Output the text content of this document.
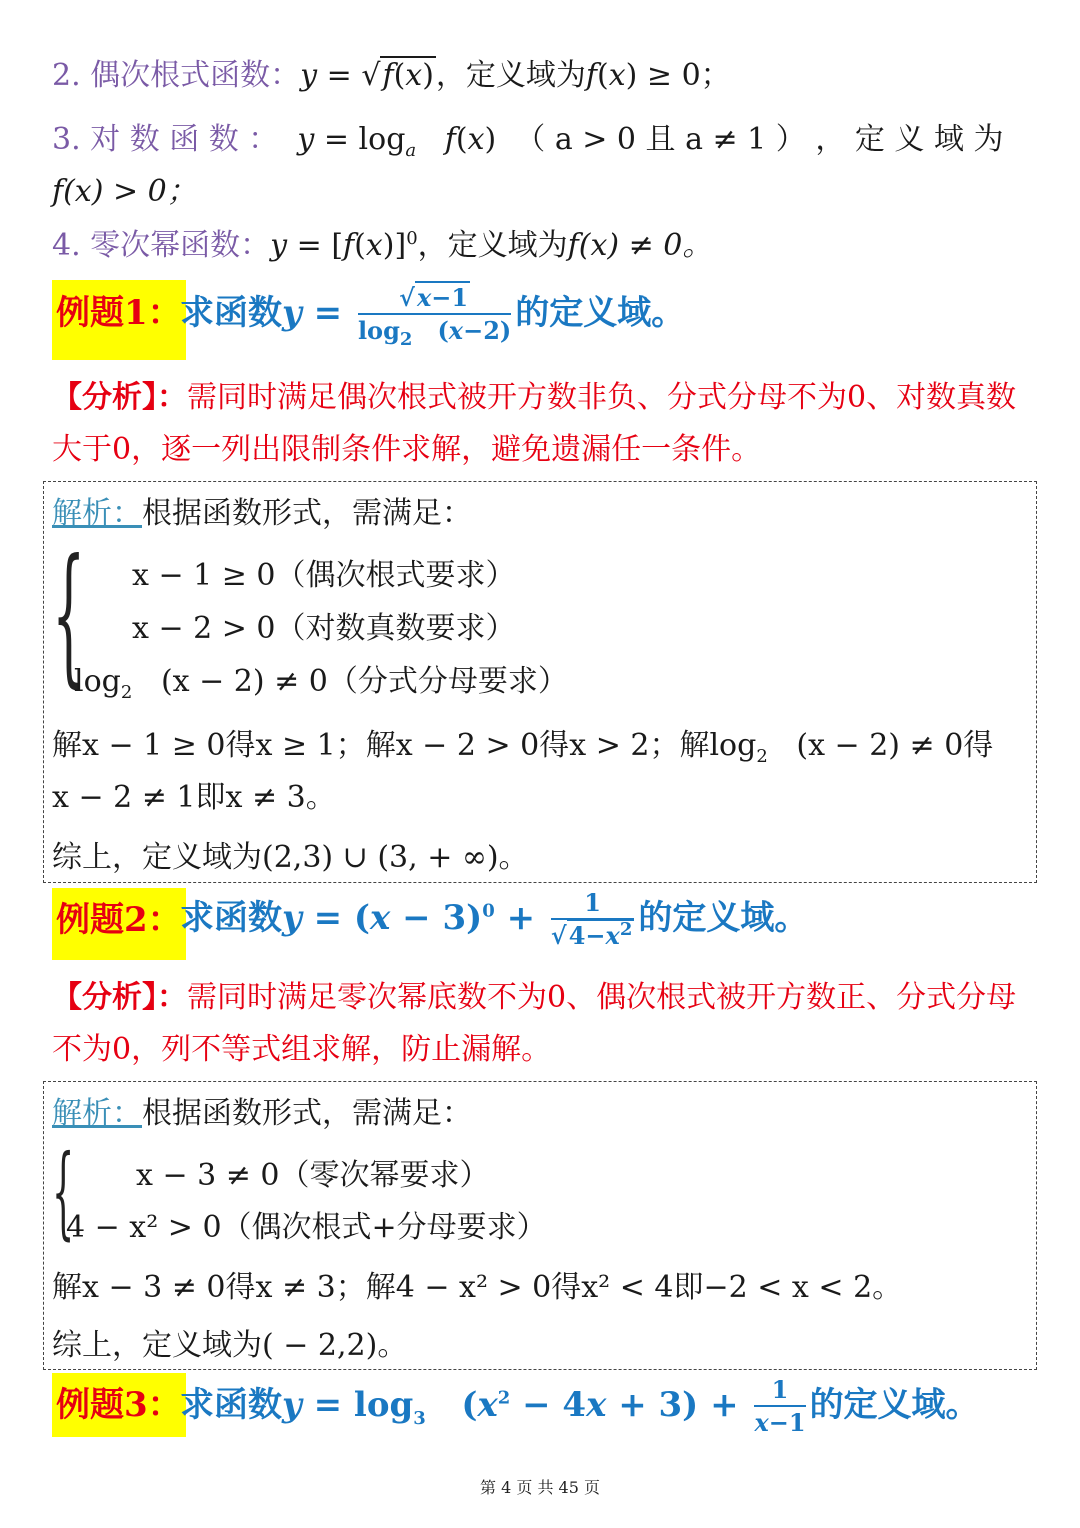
2. 偶次根式函数：y = √f(x)，定义域为f(x) ≥ 0；
3. 对 数 函 数 ： $y = \log_a f(x)$  （ a > 0 且 a ≠ 1 ） ， 定 义 域 为
f(x) > 0；
4. 零次幂函数：$y = [f(x)]^0$，定义域为f(x) ≠ 0。
例题1：
求函数$y = \frac{√x-1}{\log_2 (x-2)}$ 的定义域。
【分析】：需同时满足偶次根式被开方数非负、分式分母不为0、对数真数大于0，逐一列出限制条件求解，避免遗漏任一条件。
解析：根据函数形式，需满足：
{ x − 1 ≥ 0（偶次根式要求）
x − 2 > 0（对数真数要求）
$\log_2 (x - 2) \ne 0$（分式分母要求）
解x − 1 ≥ 0得x ≥ 1；解x − 2 > 0得x > 2；解$\log_2 (x - 2) \ne 0$得
x − 2 ≠ 1即x ≠ 3。
综上，定义域为(2,3) ∪ (3, + ∞)。
例题2：
求函数$y = (x - 3)^0 + \frac{1}{√4-x^2}$ 的定义域。
【分析】：需同时满足零次幂底数不为0、偶次根式被开方数正、分式分母不为0，列不等式组求解，防止漏解。
解析：根据函数形式，需满足：
{ x − 3 ≠ 0（零次幂要求）
4 − x² > 0（偶次根式+分母要求）
解x − 3 ≠ 0得x ≠ 3；解4 − x² > 0得x² < 4即−2 < x < 2。
综上，定义域为( − 2,2)。
例题3：
求函数$y = \log_3 (x^2 - 4x + 3) + \frac{1}{x-1}$ 的定义域。
第 4 页 共 45 页
